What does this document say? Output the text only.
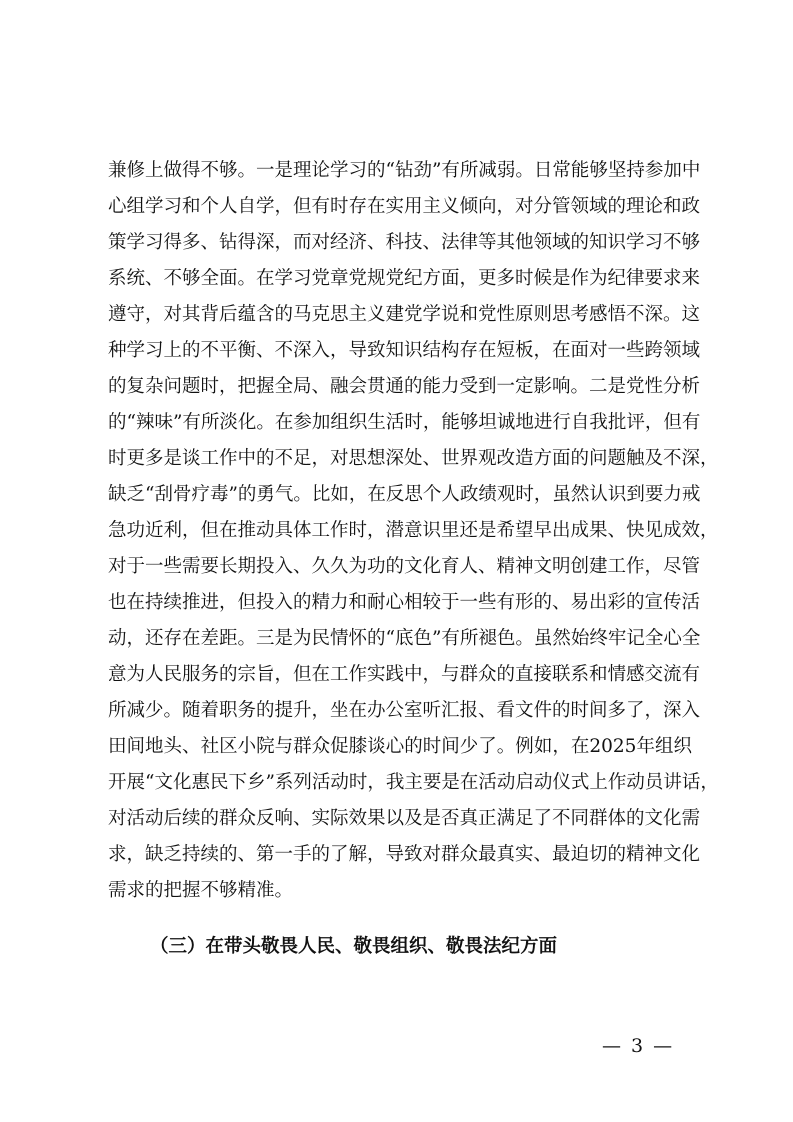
兼修上做得不够。一是理论学习的“钻劲”有所减弱。日常能够坚持参加中
心组学习和个人自学，但有时存在实用主义倾向，对分管领域的理论和政
策学习得多、钻得深，而对经济、科技、法律等其他领域的知识学习不够
系统、不够全面。在学习党章党规党纪方面，更多时候是作为纪律要求来
遵守，对其背后蕴含的马克思主义建党学说和党性原则思考感悟不深。这
种学习上的不平衡、不深入，导致知识结构存在短板，在面对一些跨领域
的复杂问题时，把握全局、融会贯通的能力受到一定影响。二是党性分析
的“辣味”有所淡化。在参加组织生活时，能够坦诚地进行自我批评，但有
时更多是谈工作中的不足，对思想深处、世界观改造方面的问题触及不深，
缺乏“刮骨疗毒”的勇气。比如，在反思个人政绩观时，虽然认识到要力戒
急功近利，但在推动具体工作时，潜意识里还是希望早出成果、快见成效，
对于一些需要长期投入、久久为功的文化育人、精神文明创建工作，尽管
也在持续推进，但投入的精力和耐心相较于一些有形的、易出彩的宣传活
动，还存在差距。三是为民情怀的“底色”有所褪色。虽然始终牢记全心全
意为人民服务的宗旨，但在工作实践中，与群众的直接联系和情感交流有
所减少。随着职务的提升，坐在办公室听汇报、看文件的时间多了，深入
田间地头、社区小院与群众促膝谈心的时间少了。例如，在2025年组织
开展“文化惠民下乡”系列活动时，我主要是在活动启动仪式上作动员讲话，
对活动后续的群众反响、实际效果以及是否真正满足了不同群体的文化需
求，缺乏持续的、第一手的了解，导致对群众最真实、最迫切的精神文化
需求的把握不够精准。
（三）在带头敬畏人民、敬畏组织、敬畏法纪方面
— 3 —
